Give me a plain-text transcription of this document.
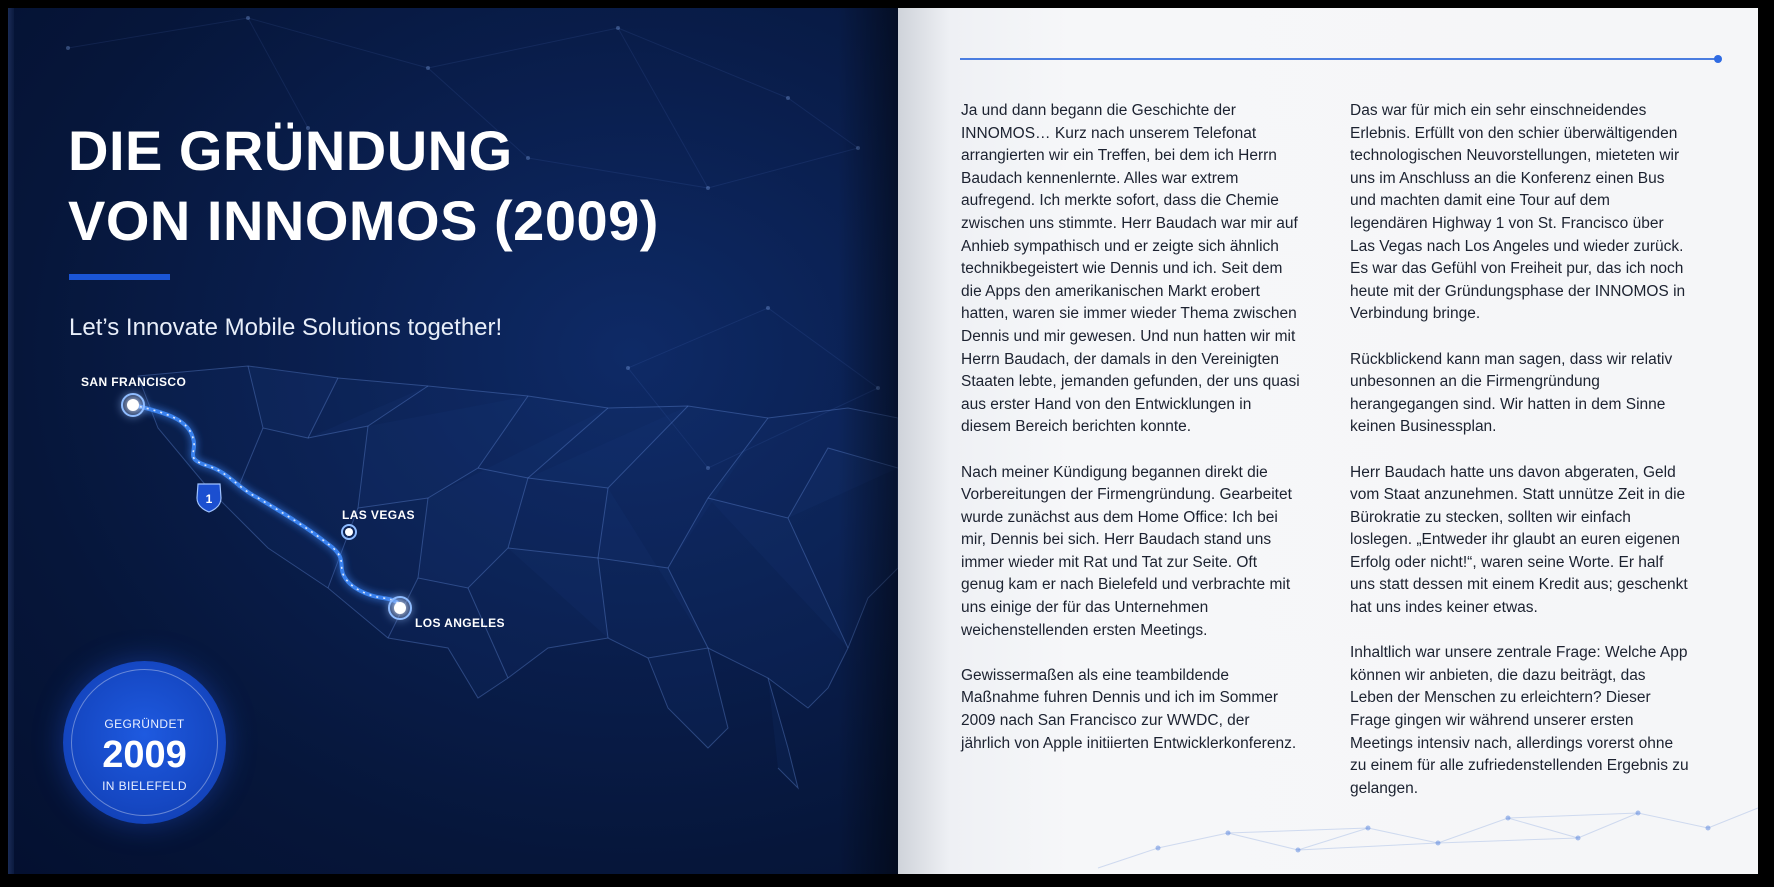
DIE GRÜNDUNG
VON INNOMOS (2009)
Let’s Innovate Mobile Solutions together!
1
SAN FRANCISCO
LAS VEGAS
LOS ANGELES
GEGRÜNDET
2009
IN BIELEFELD

Ja und dann begann die Geschichte der INNOMOS… Kurz nach unserem Telefonat arrangierten wir ein Treffen, bei dem ich Herrn Baudach kennenlernte. Alles war extrem aufregend. Ich merkte sofort, dass die Chemie zwischen uns stimmte. Herr Baudach war mir auf Anhieb sympathisch und er zeigte sich ähnlich technikbegeistert wie Dennis und ich. Seit dem die Apps den amerikanischen Markt erobert hatten, waren sie immer wieder Thema zwischen Dennis und mir gewesen. Und nun hatten wir mit Herrn Baudach, der damals in den Vereinigten Staaten lebte, jemanden gefunden, der uns quasi aus erster Hand von den Entwicklungen in diesem Bereich berichten konnte.

Nach meiner Kündigung begannen direkt die Vorbereitungen der Firmengründung. Gearbeitet wurde zunächst aus dem Home Office: Ich bei mir, Dennis bei sich. Herr Baudach stand uns immer wieder mit Rat und Tat zur Seite. Oft genug kam er nach Bielefeld und verbrachte mit uns einige der für das Unternehmen weichenstellenden ersten Meetings.

Gewissermaßen als eine teambildende Maßnahme fuhren Dennis und ich im Sommer 2009 nach San Francisco zur WWDC, der jährlich von Apple initiierten Entwicklerkonferenz.

Das war für mich ein sehr einschneidendes Erlebnis. Erfüllt von den schier überwältigenden technologischen Neuvorstellungen, mieteten wir uns im Anschluss an die Konferenz einen Bus und machten damit eine Tour auf dem legendären Highway 1 von St. Francisco über Las Vegas nach Los Angeles und wieder zurück. Es war das Gefühl von Freiheit pur, das ich noch heute mit der Gründungsphase der INNOMOS in Verbindung bringe.

Rückblickend kann man sagen, dass wir relativ unbesonnen an die Firmengründung herangegangen sind. Wir hatten in dem Sinne keinen Businessplan.

Herr Baudach hatte uns davon abgeraten, Geld vom Staat anzunehmen. Statt unnütze Zeit in die Bürokratie zu stecken, sollten wir einfach loslegen. „Entweder ihr glaubt an euren eigenen Erfolg oder nicht!“, waren seine Worte. Er half uns statt dessen mit einem Kredit aus; geschenkt hat uns indes keiner etwas.

Inhaltlich war unsere zentrale Frage: Welche App können wir anbieten, die dazu beiträgt, das Leben der Menschen zu erleichtern? Dieser Frage gingen wir während unserer ersten Meetings intensiv nach, allerdings vorerst ohne zu einem für alle zufriedenstellenden Ergebnis zu gelangen.
